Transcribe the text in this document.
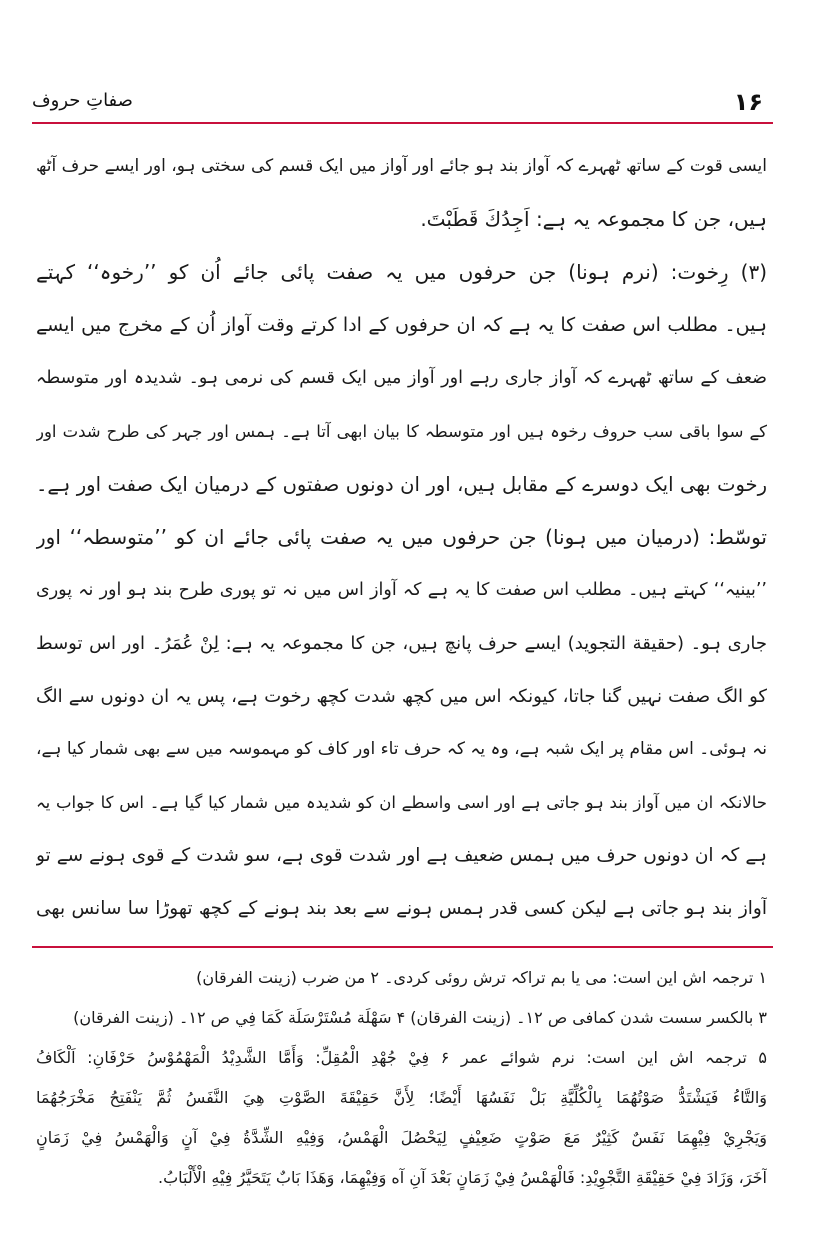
۱۶
صفاتِ حروف
ایسی قوت کے ساتھ ٹھہرے کہ آواز بند ہو جائے اور آواز میں ایک قسم کی سختی ہو، اور ایسے حرف آٹھ
ہیں، جن کا مجموعہ یہ ہے: اَجِدُكَ قَطَبْتَ.
(۳) رِخوت: (نرم ہونا) جن حرفوں میں یہ صفت پائی جائے اُن کو ’’رخوہ‘‘ کہتے
ہیں۔ مطلب اس صفت کا یہ ہے کہ ان حرفوں کے ادا کرتے وقت آواز اُن کے مخرج میں ایسے
ضعف کے ساتھ ٹھہرے کہ آواز جاری رہے اور آواز میں ایک قسم کی نرمی ہو۔ شدیدہ اور متوسطہ
کے سوا باقی سب حروف رخوہ ہیں اور متوسطہ کا بیان ابھی آتا ہے۔ ہمس اور جہر کی طرح شدت اور
رخوت بھی ایک دوسرے کے مقابل ہیں، اور ان دونوں صفتوں کے درمیان ایک صفت اور ہے۔
توسّط: (درمیان میں ہونا) جن حرفوں میں یہ صفت پائی جائے ان کو ’’متوسطہ‘‘ اور
’’بینیہ‘‘ کہتے ہیں۔ مطلب اس صفت کا یہ ہے کہ آواز اس میں نہ تو پوری طرح بند ہو اور نہ پوری
جاری ہو۔ (حقیقة التجوید) ایسے حرف پانچ ہیں، جن کا مجموعہ یہ ہے: لِنْ عُمَرُ۔ اور اس توسط
کو الگ صفت نہیں گنا جاتا، کیونکہ اس میں کچھ شدت کچھ رخوت ہے، پس یہ ان دونوں سے الگ
نہ ہوئی۔ اس مقام پر ایک شبہ ہے، وہ یہ کہ حرف تاء اور کاف کو مہموسہ میں سے بھی شمار کیا ہے،
حالانکہ ان میں آواز بند ہو جاتی ہے اور اسی واسطے ان کو شدیدہ میں شمار کیا گیا ہے۔ اس کا جواب یہ
ہے کہ ان دونوں حرف میں ہمس ضعیف ہے اور شدت قوی ہے، سو شدت کے قوی ہونے سے تو
آواز بند ہو جاتی ہے لیکن کسی قدر ہمس ہونے سے بعد بند ہونے کے کچھ تھوڑا سا سانس بھی
۱ ترجمہ اش این است: می یا بم تراکہ ترش روئی کردی۔ ۲ من ضرب (زینت الفرقان)
۳ بالکسر سست شدن کمافی ص ۱۲۔ (زینت الفرقان) ۴ سَهْلَة مُسْتَرْسَلَة كَمَا فِي ص ۱۲۔ (زینت الفرقان)
۵ ترجمہ اش این است: نرم شوائے عمر ۶ فِيْ جُهْدِ الْمُقِلِّ: وَأَمَّا الشَّدِيْدُ الْمَهْمُوْسُ حَرْفَانِ: اَلْكَافُ
وَالتَّاءُ فَيَشْتَدُّ صَوْتُهُمَا بِالْكُلِّيَّةِ بَلْ نَفَسُهَا أَيْضًا؛ لِأَنَّ حَقِيْقَةَ الصَّوْتِ هِيَ النَّفَسُ ثُمَّ يَنْفَتِحُ مَخْرَجُهُمَا
وَيَجْرِيْ فِيْهِمَا نَفَسٌ كَثِيْرٌ مَعَ صَوْتٍ ضَعِيْفٍ لِيَحْصُلَ الْهَمْسُ، وَفِيْهِ الشِّدَّةُ فِيْ آنٍ وَالْهَمْسُ فِيْ زَمَانٍ
آخَرَ، وَزَادَ فِيْ حَقِيْقَةِ التَّجْوِيْدِ: فَالْهَمْسُ فِيْ زَمَانٍ بَعْدَ آنِ آه وَفِيْهِمَا، وَهَذَا بَابٌ يَتَحَيَّرُ فِيْهِ الْأَلْبَابُ.
